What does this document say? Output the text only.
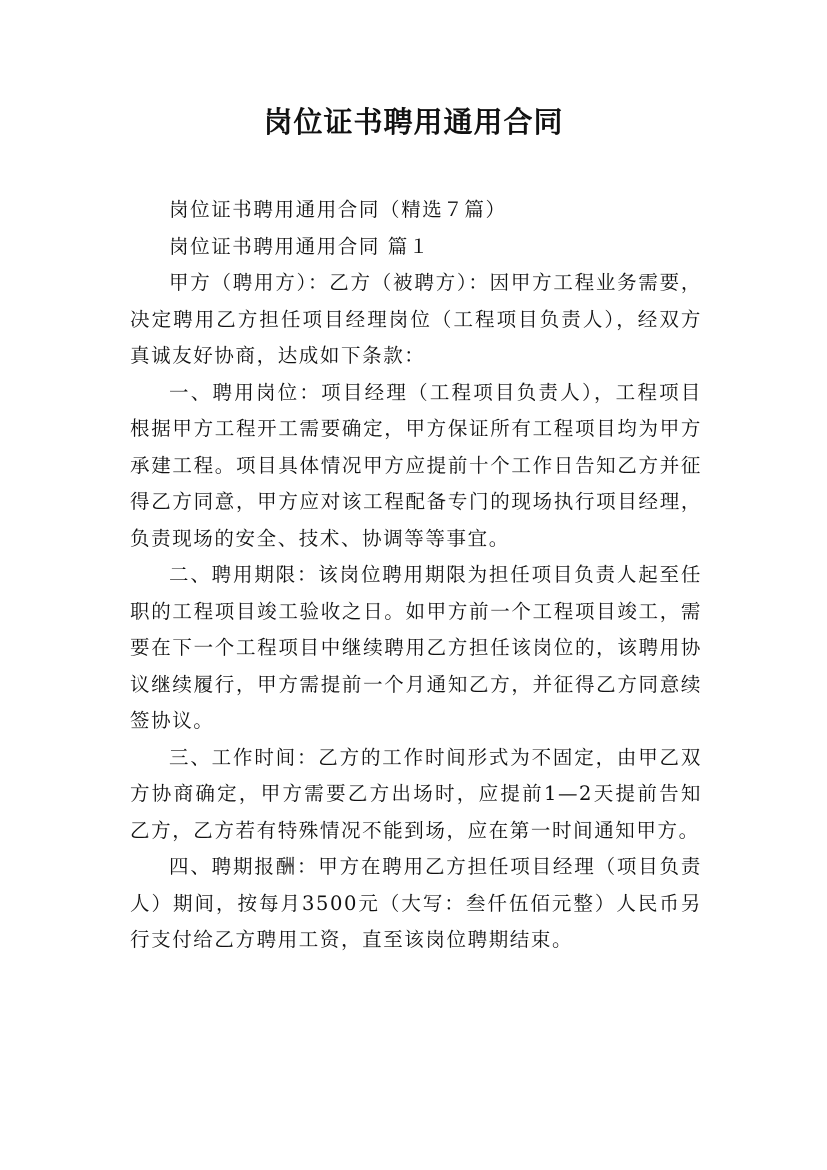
岗位证书聘用通用合同

岗位证书聘用通用合同（精选７篇）

岗位证书聘用通用合同 篇１

甲方（聘用方）：乙方（被聘方）：因甲方工程业务需要，决定聘用乙方担任项目经理岗位（工程项目负责人），经双方真诚友好协商，达成如下条款：

一、聘用岗位：项目经理（工程项目负责人），工程项目根据甲方工程开工需要确定，甲方保证所有工程项目均为甲方承建工程。项目具体情况甲方应提前十个工作日告知乙方并征得乙方同意，甲方应对该工程配备专门的现场执行项目经理，负责现场的安全、技术、协调等等事宜。

二、聘用期限：该岗位聘用期限为担任项目负责人起至任职的工程项目竣工验收之日。如甲方前一个工程项目竣工，需要在下一个工程项目中继续聘用乙方担任该岗位的，该聘用协议继续履行，甲方需提前一个月通知乙方，并征得乙方同意续签协议。

三、工作时间：乙方的工作时间形式为不固定，由甲乙双方协商确定，甲方需要乙方出场时，应提前1—2天提前告知乙方，乙方若有特殊情况不能到场，应在第一时间通知甲方。

四、聘期报酬：甲方在聘用乙方担任项目经理（项目负责人）期间，按每月3500元（大写：叁仟伍佰元整）人民币另行支付给乙方聘用工资，直至该岗位聘期结束。
